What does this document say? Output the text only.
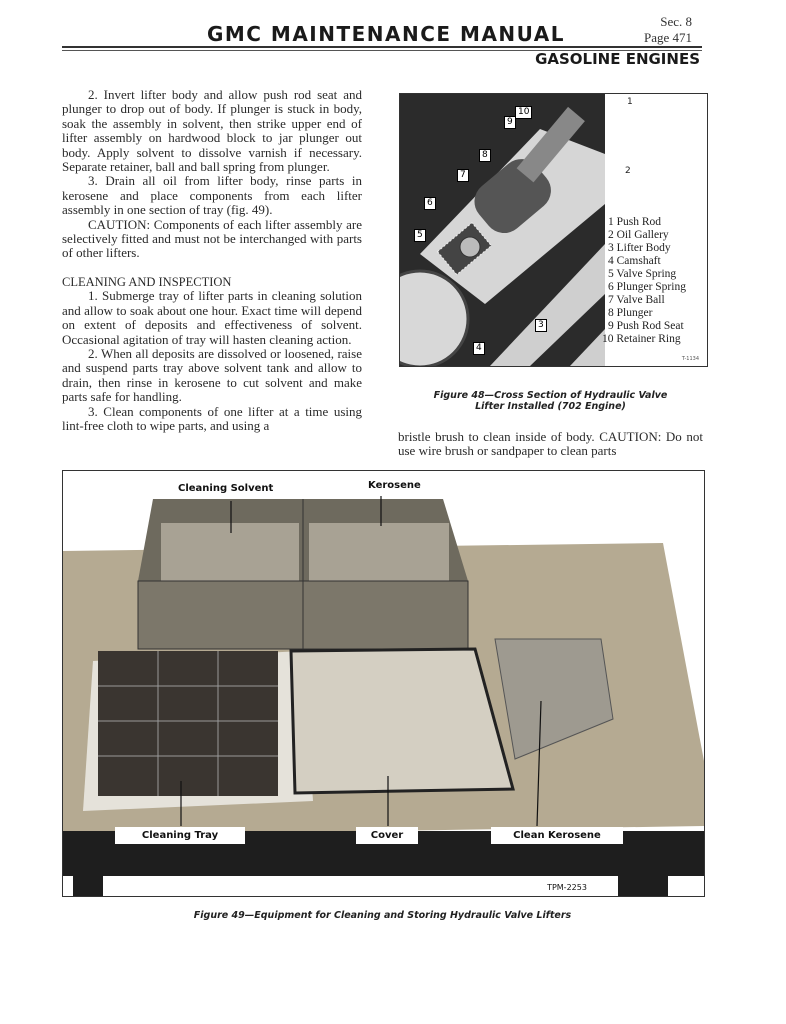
GMC MAINTENANCE MANUAL
Sec. 8
Page 471
GASOLINE ENGINES

2. Invert lifter body and allow push rod seat and plunger to drop out of body. If plunger is stuck in body, soak the assembly in solvent, then strike upper end of lifter assembly on hardwood block to jar plunger out body. Apply solvent to dissolve varnish if necessary. Separate retainer, ball and ball spring from plunger.

3. Drain all oil from lifter body, rinse parts in kerosene and place components from each lifter assembly in one section of tray (fig. 49).

CAUTION: Components of each lifter assembly are selectively fitted and must not be interchanged with parts of other lifters.

CLEANING AND INSPECTION

1. Submerge tray of lifter parts in cleaning solution and allow to soak about one hour. Exact time will depend on extent of deposits and effectiveness of solvent. Occasional agitation of tray will hasten cleaning action.

2. When all deposits are dissolved or loosened, raise and suspend parts tray above solvent tank and allow to drain, then rinse in kerosene to cut solvent and make parts safe for handling.

3. Clean components of one lifter at a time using lint-free cloth to wipe parts, and using a

10
9
8
7
6
5
3
4
1
2
1 Push Rod
2 Oil Gallery
3 Lifter Body
4 Camshaft
5 Valve Spring
6 Plunger Spring
7 Valve Ball
8 Plunger
9 Push Rod Seat
10 Retainer Ring
T-1134
Figure 48—Cross Section of Hydraulic Valve
Lifter Installed (702 Engine)
bristle brush to clean inside of body. CAUTION: Do not use wire brush or sandpaper to clean parts
Cleaning Solvent	Kerosene
Cleaning Tray	Cover	Clean Kerosene
TPM-2253
Figure 49—Equipment for Cleaning and Storing Hydraulic Valve Lifters
